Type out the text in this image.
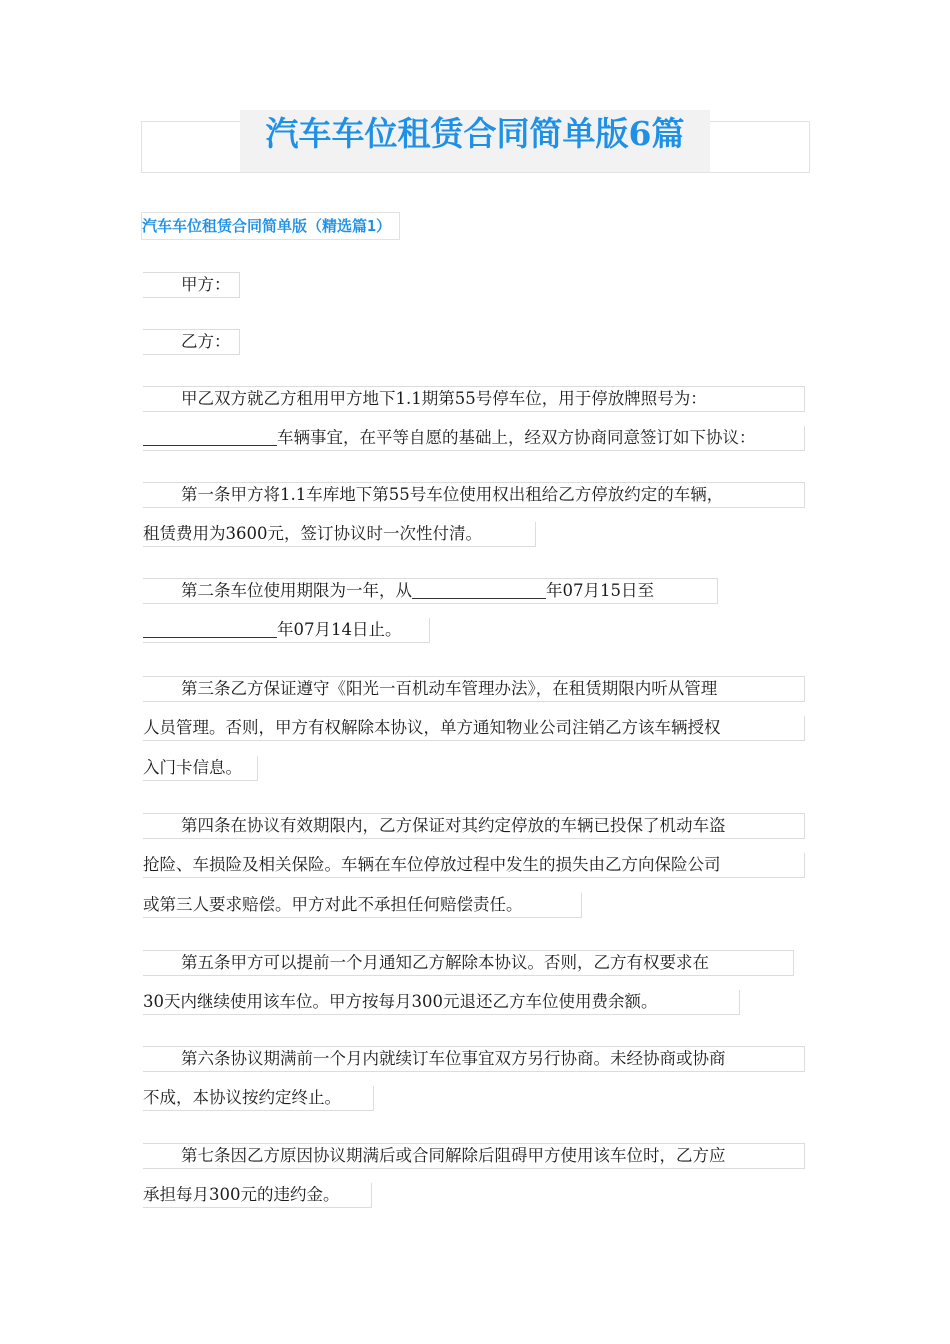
汽车车位租赁合同简单版6篇
汽车车位租赁合同简单版（精选篇1）
甲方：
乙方：
甲乙双方就乙方租用甲方地下1.1期第55号停车位，用于停放牌照号为：
车辆事宜，在平等自愿的基础上，经双方协商同意签订如下协议：
第一条甲方将1.1车库地下第55号车位使用权出租给乙方停放约定的车辆，
租赁费用为3600元，签订协议时一次性付清。
第二条车位使用期限为一年，从	年07月15日至
年07月14日止。
第三条乙方保证遵守《阳光一百机动车管理办法》，在租赁期限内听从管理
人员管理。否则，甲方有权解除本协议，单方通知物业公司注销乙方该车辆授权
入门卡信息。
第四条在协议有效期限内，乙方保证对其约定停放的车辆已投保了机动车盗
抢险、车损险及相关保险。车辆在车位停放过程中发生的损失由乙方向保险公司
或第三人要求赔偿。甲方对此不承担任何赔偿责任。
第五条甲方可以提前一个月通知乙方解除本协议。否则，乙方有权要求在
30天内继续使用该车位。甲方按每月300元退还乙方车位使用费余额。
第六条协议期满前一个月内就续订车位事宜双方另行协商。未经协商或协商
不成，本协议按约定终止。
第七条因乙方原因协议期满后或合同解除后阻碍甲方使用该车位时，乙方应
承担每月300元的违约金。
